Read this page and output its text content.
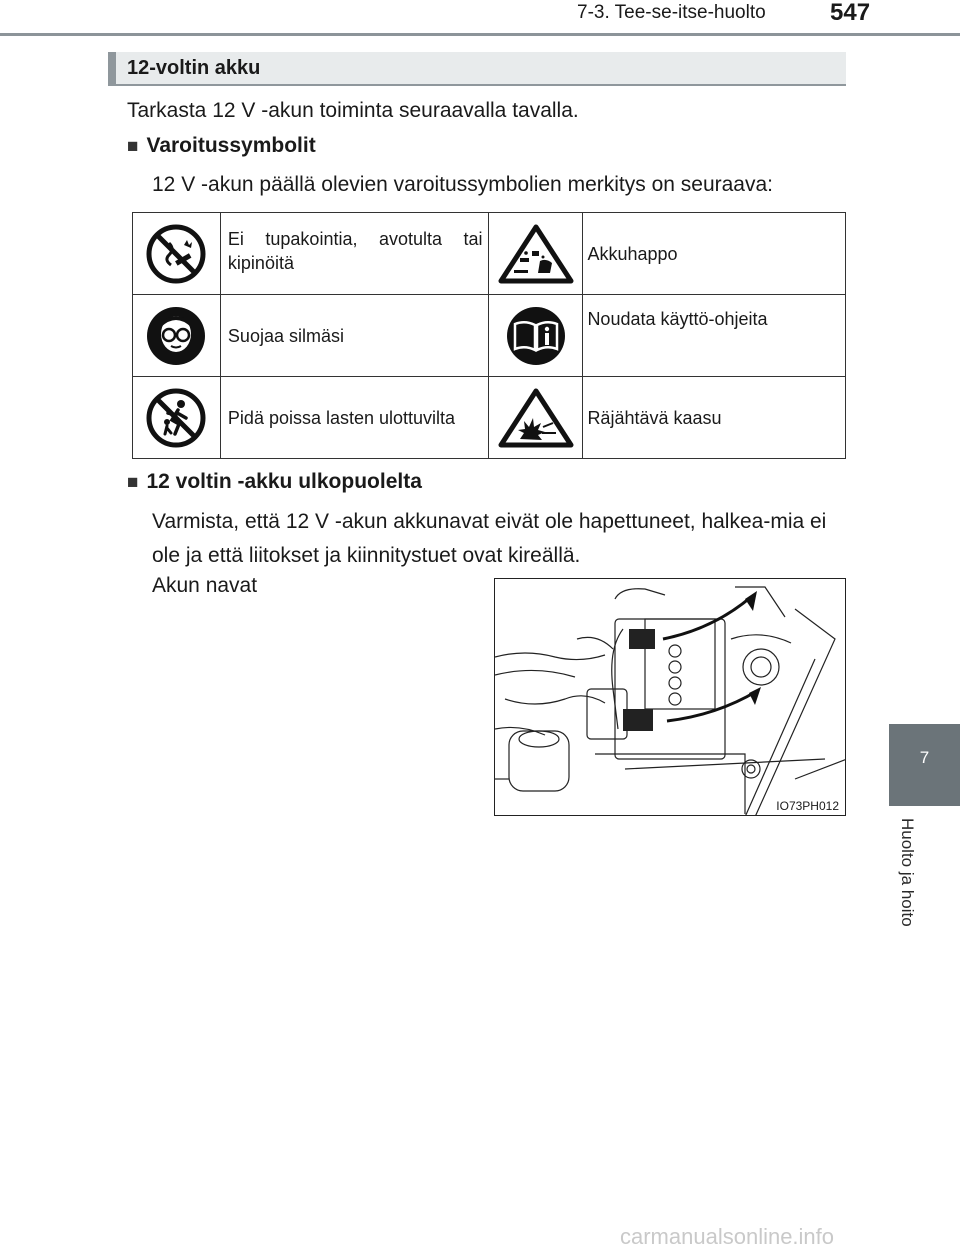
7-3. Tee-se-itse-huolto	547
7
Huolto ja hoito
12-voltin akku
Tarkasta 12 V -akun toiminta seuraavalla tavalla.
■ Varoitussymbolit
12 V -akun päällä olevien varoitussymbolien merkitys on seuraava:
	Ei tupakointia, avotulta tai kipinöitä		Akkuhappo

	Suojaa silmäsi		Noudata käyttö-ohjeita

	Pidä poissa lasten ulottuvilta		Räjähtävä kaasu
■ 12 voltin -akku ulkopuolelta
Varmista, että 12 V -akun akkunavat eivät ole hapettuneet, halkea-mia ei ole ja että liitokset ja kiinnitystuet ovat kireällä.
Akun navat
IO73PH012
carmanualsonline.info
